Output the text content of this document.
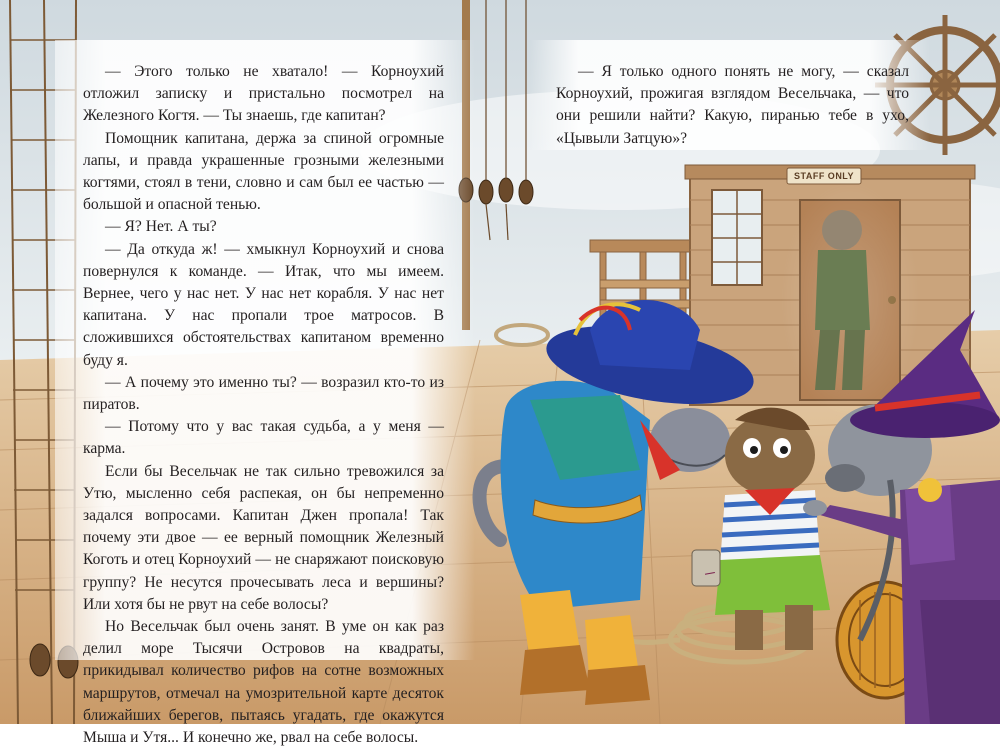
STAFF ONLY

— Этого только не хватало! — Корноухий отложил записку и пристально посмотрел на Железного Когтя. — Ты знаешь, где капитан?

Помощник капитана, держа за спиной огромные лапы, и правда украшенные грозными железными когтями, стоял в тени, словно и сам был ее частью — большой и опасной тенью.

— Я? Нет. А ты?

— Да откуда ж! — хмыкнул Корноухий и снова повернулся к команде. — Итак, что мы имеем. Вернее, чего у нас нет. У нас нет корабля. У нас нет капитана. У нас пропали трое матросов. В сложившихся обстоятельствах капитаном временно буду я.

— А почему это именно ты? — возразил кто-то из пиратов.

— Потому что у вас такая судьба, а у меня — карма.

Если бы Весельчак не так сильно тревожился за Утю, мысленно себя распекая, он бы непременно задался вопросами. Капитан Джен пропала! Так почему эти двое — ее верный помощник Железный Коготь и отец Корноухий — не снаряжают поисковую группу? Не несутся прочесывать леса и вершины? Или хотя бы не рвут на себе волосы?

Но Весельчак был очень занят. В уме он как раз делил море Тысячи Островов на квадраты, прикидывал количество рифов на сотне возможных маршрутов, отмечал на умозрительной карте десяток ближайших берегов, пытаясь угадать, где окажутся Мыша и Утя... И конечно же, рвал на себе волосы.

— Я только одного понять не могу, — сказал Корноухий, прожигая взглядом Весельчака, — что они решили найти? Какую, пиранью тебе в ухо, «Цывыли Затцую»?

—
